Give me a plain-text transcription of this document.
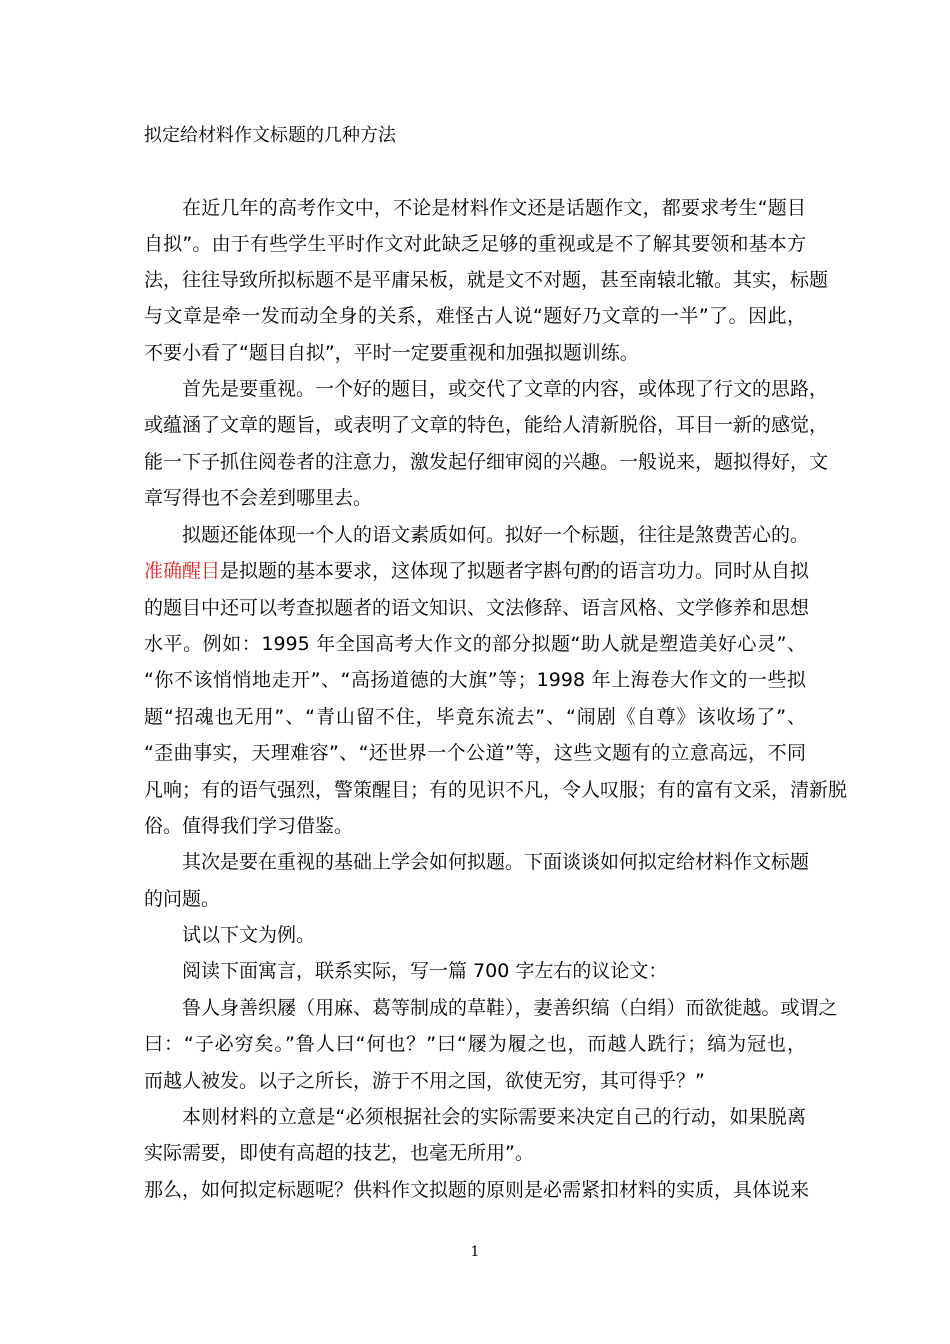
拟定给材料作文标题的几种方法
在近几年的高考作文中，不论是材料作文还是话题作文，都要求考生“题目
自拟”。由于有些学生平时作文对此缺乏足够的重视或是不了解其要领和基本方
法，往往导致所拟标题不是平庸呆板，就是文不对题，甚至南辕北辙。其实，标题
与文章是牵一发而动全身的关系，难怪古人说“题好乃文章的一半”了。因此，
不要小看了“题目自拟”，平时一定要重视和加强拟题训练。
首先是要重视。一个好的题目，或交代了文章的内容，或体现了行文的思路，
或蕴涵了文章的题旨，或表明了文章的特色，能给人清新脱俗，耳目一新的感觉，
能一下子抓住阅卷者的注意力，激发起仔细审阅的兴趣。一般说来，题拟得好，文
章写得也不会差到哪里去。
拟题还能体现一个人的语文素质如何。拟好一个标题，往往是煞费苦心的。
准确醒目是拟题的基本要求，这体现了拟题者字斟句酌的语言功力。同时从自拟
的题目中还可以考查拟题者的语文知识、文法修辞、语言风格、文学修养和思想
水平。例如：1995 年全国高考大作文的部分拟题“助人就是塑造美好心灵”、
“你不该悄悄地走开”、“高扬道德的大旗”等；1998 年上海卷大作文的一些拟
题“招魂也无用”、“青山留不住，毕竟东流去”、“闹剧《自尊》该收场了”、
“歪曲事实，天理难容”、“还世界一个公道”等，这些文题有的立意高远，不同
凡响；有的语气强烈，警策醒目；有的见识不凡，令人叹服；有的富有文采，清新脱
俗。值得我们学习借鉴。
其次是要在重视的基础上学会如何拟题。下面谈谈如何拟定给材料作文标题
的问题。
试以下文为例。
阅读下面寓言，联系实际，写一篇 700 字左右的议论文：
鲁人身善织屦（用麻、葛等制成的草鞋），妻善织缟（白绢）而欲徙越。或谓之
曰：“子必穷矣。”鲁人曰“何也？”曰“屦为履之也，而越人跣行；缟为冠也，
而越人被发。以子之所长，游于不用之国，欲使无穷，其可得乎？”
本则材料的立意是“必须根据社会的实际需要来决定自己的行动，如果脱离
实际需要，即使有高超的技艺，也毫无所用”。
那么，如何拟定标题呢？供料作文拟题的原则是必需紧扣材料的实质，具体说来
1
